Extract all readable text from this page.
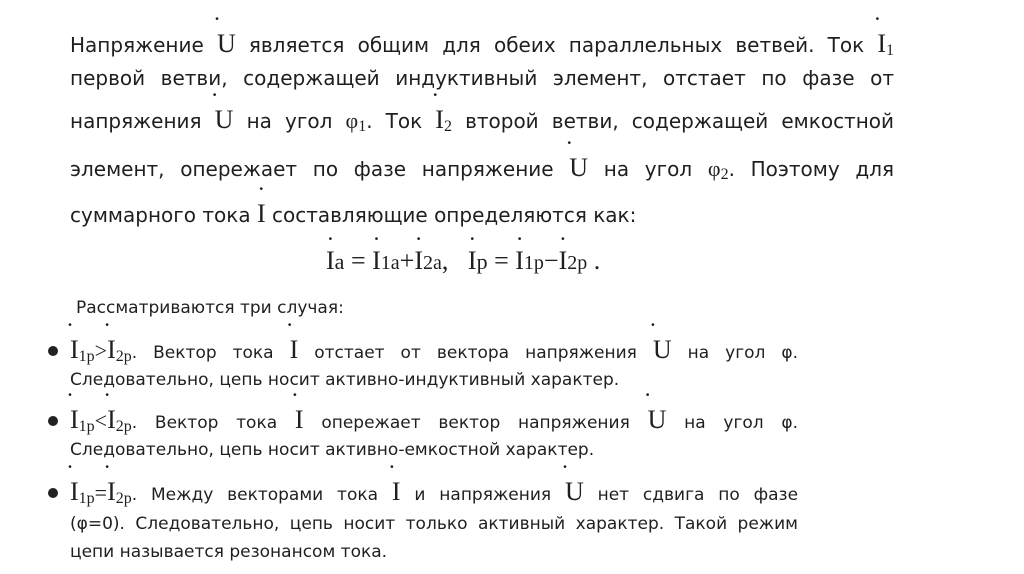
Напряжение ̇ U является общим для обеих параллельных ветвей. Ток ̇ I1
первой ветви, содержащей индуктивный элемент, отстает по фазе от
напряжения ̇ U на угол φ1. Ток ̇ I2 второй ветви, содержащей емкостной
элемент, опережает по фазе напряжение ̇ U на угол φ2. Поэтому для
суммарного тока ̇ I составляющие определяются как:
̇ Ia = ̇ I1a+̇ I2a, ̇ Ip = ̇ I1p−̇ I2p .
Рассматриваются три случая:
̇ I1p>̇ I2p. Вектор тока ̇ I отстает от вектора напряжения ̇ U на угол φ.
Следовательно, цепь носит активно-индуктивный характер.
̇ I1p<̇ I2p. Вектор тока ̇ I опережает вектор напряжения ̇ U на угол φ.
Следовательно, цепь носит активно-емкостной характер.
̇ I1p=̇ I2p. Между векторами тока ̇ I и напряжения ̇ U нет сдвига по фазе
(φ=0). Следовательно, цепь носит только активный характер. Такой режим
цепи называется резонансом тока.
